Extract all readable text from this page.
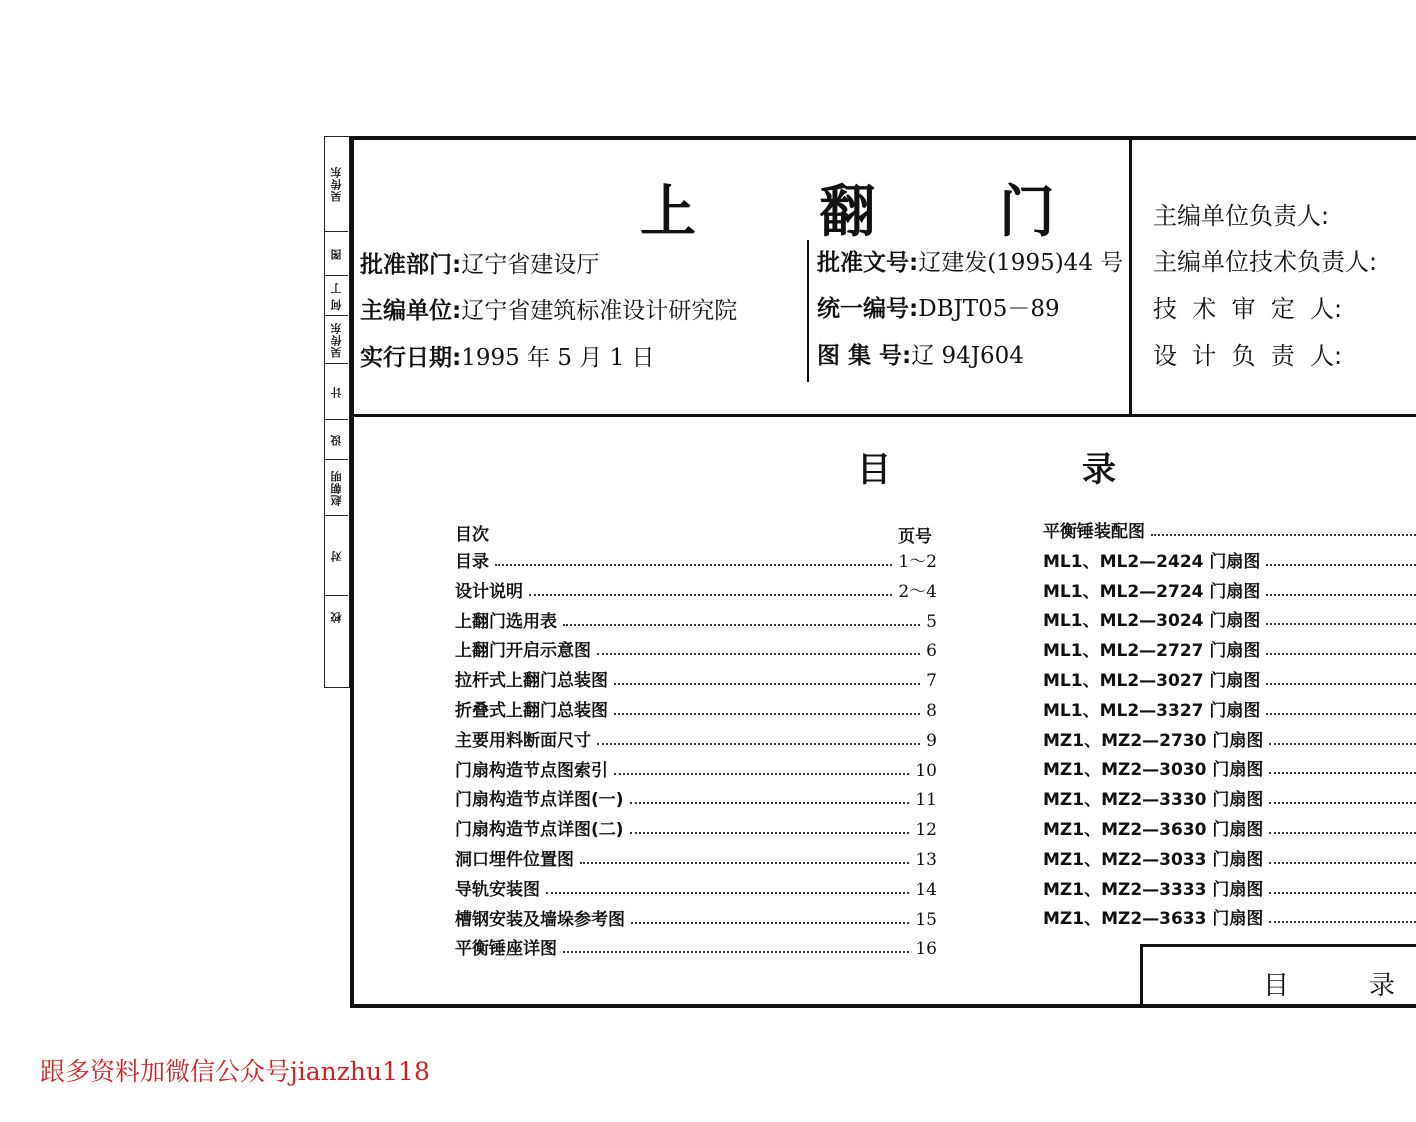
吴传东
图
何 丁
吴传东
计
设
赵朝明
对
校
上 翻 门
批准部门:辽宁省建设厅
主编单位:辽宁省建筑标准设计研究院
实行日期:1995 年 5 月 1 日
批准文号:辽建发(1995)44 号
统一编号:DBJT05－89
图 集 号:辽 94J604
主编单位负责人:
主编单位技术负责人:
技  术  审  定  人:
设  计  负  责  人:
目	录
目次	页号
目录	1～2
设计说明	2～4
上翻门选用表	5
上翻门开启示意图	6
拉杆式上翻门总装图	7
折叠式上翻门总装图	8
主要用料断面尺寸	9
门扇构造节点图索引	10
门扇构造节点详图(一)	11
门扇构造节点详图(二)	12
洞口埋件位置图	13
导轨安装图	14
槽钢安装及墙垛参考图	15
平衡锤座详图	16
平衡锤装配图
ML1、ML2—2424 门扇图
ML1、ML2—2724 门扇图
ML1、ML2—3024 门扇图
ML1、ML2—2727 门扇图
ML1、ML2—3027 门扇图
ML1、ML2—3327 门扇图
MZ1、MZ2—2730 门扇图
MZ1、MZ2—3030 门扇图
MZ1、MZ2—3330 门扇图
MZ1、MZ2—3630 门扇图
MZ1、MZ2—3033 门扇图
MZ1、MZ2—3333 门扇图
MZ1、MZ2—3633 门扇图
目	录
跟多资料加微信公众号jianzhu118
